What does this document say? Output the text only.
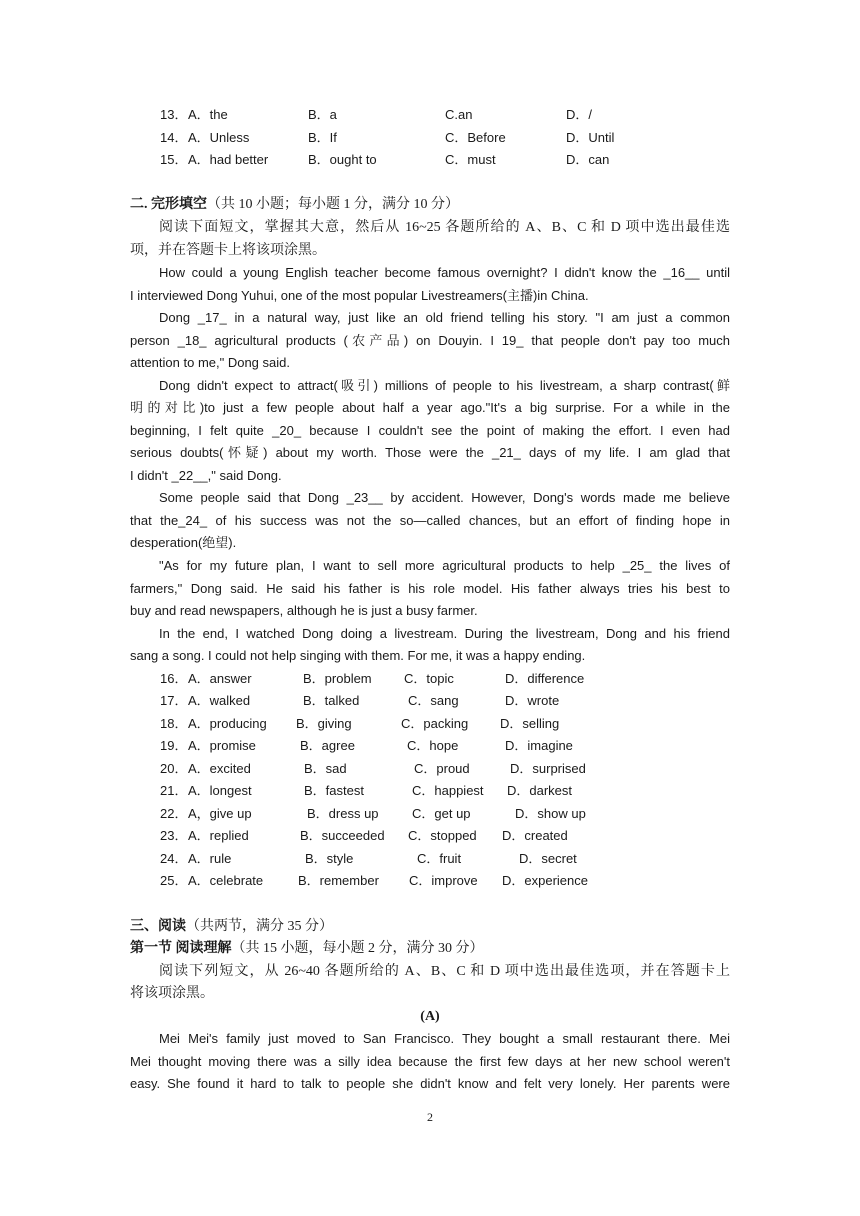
13． A．the	B．a	C.an	D．/
14． A．Unless	B．If	C．Before	D．Until
15． A．had better	B．ought to	C．must	D．can
二. 完形填空（共 10 小题；每小题 1 分，满分 10 分）
阅读下面短文，掌握其大意，然后从 16~25 各题所给的 A、B、C 和 D 项中选出最佳选
项，并在答题卡上将该项涂黑。
How could a young English teacher become famous overnight? I didn't know the _16__ until
I interviewed Dong Yuhui, one of the most popular Livestreamers(主播)in China.
Dong _17_ in a natural way, just like an old friend telling his story. "I am just a common
person _18_ agricultural products (农产品) on Douyin. I 19_ that people don't pay too much
attention to me," Dong said.
Dong didn't expect to attract(吸引) millions of people to his livestream, a sharp contrast(鲜
明的对比)to just a few people about half a year ago."It's a big surprise. For a while in the
beginning, I felt quite _20_ because I couldn't see the point of making the effort. I even had
serious doubts(怀疑) about my worth. Those were the _21_ days of my life. I am glad that
I didn't _22__," said Dong.
Some people said that Dong _23__ by accident. However, Dong's words made me believe
that the_24_ of his success was not the so—called chances, but an effort of finding hope in
desperation(绝望).
"As for my future plan, I want to sell more agricultural products to help _25_ the lives of
farmers," Dong said. He said his father is his role model. His father always tries his best to
buy and read newspapers, although he is just a busy farmer.
In the end, I watched Dong doing a livestream. During the livestream, Dong and his friend
sang a song. I could not help singing with them. For me, it was a happy ending.
16． A．answer	B．problem C．topic	D．difference
17． A．walked	B．talked	C．sang	D．wrote
18． A．producing B．giving	C．packing D．selling
19． A．promise	B．agree	C．hope	D．imagine
20． A．excited	B．sad	C．proud	D．surprised
21． A．longest	B．fastest	C．happiest D．darkest
22． A，give up	B．dress up	C．get up	D．show up
23． A．replied	B．succeeded C．stopped D．created
24． A．rule	B．style	C．fruit	D．secret
25． A．celebrate	B．remember C．improve D．experience
三、阅读（共两节，满分 35 分）
第一节 阅读理解（共 15 小题，每小题 2 分，满分 30 分）
阅读下列短文，从 26~40 各题所给的 A、B、C 和 D 项中选出最佳选项，并在答题卡上
将该项涂黑。
(A)
Mei Mei's family just moved to San Francisco. They bought a small restaurant there. Mei
Mei thought moving there was a silly idea because the first few days at her new school weren't
easy. She found it hard to talk to people she didn't know and felt very lonely. Her parents were
2
